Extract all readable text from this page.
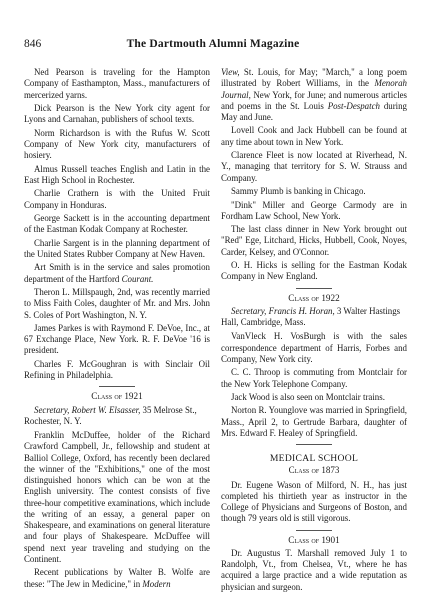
846	The Dartmouth Alumni Magazine

Ned Pearson is traveling for the Hampton Company of Easthampton, Mass., manufacturers of mercerized yarns.

Dick Pearson is the New York city agent for Lyons and Carnahan, publishers of school texts.

Norm Richardson is with the Rufus W. Scott Company of New York city, manufacturers of hosiery.

Almus Russell teaches English and Latin in the East High School in Rochester.

Charlie Crathern is with the United Fruit Company in Honduras.

George Sackett is in the accounting department of the Eastman Kodak Company at Rochester.

Charlie Sargent is in the planning department of the United States Rubber Company at New Haven.

Art Smith is in the service and sales promotion department of the Hartford Courant.

Theron L. Millspaugh, 2nd, was recently married to Miss Faith Coles, daughter of Mr. and Mrs. John S. Coles of Port Washington, N. Y.

James Parkes is with Raymond F. DeVoe, Inc., at 67 Exchange Place, New York. R. F. DeVoe '16 is president.

Charles F. McGoughran is with Sinclair Oil Refining in Philadelphia.

Class of 1921

Secretary, Robert W. Elsasser, 35 Melrose St., Rochester, N. Y.

Franklin McDuffee, holder of the Richard Crawford Campbell, Jr., fellowship and student at Balliol College, Oxford, has recently been declared the winner of the "Exhibitions," one of the most distinguished honors which can be won at the English university. The contest consists of five three-hour competitive examinations, which include the writing of an essay, a general paper on Shakespeare, and examinations on general literature and four plays of Shakespeare. McDuffee will spend next year traveling and studying on the Continent.

Recent publications by Walter B. Wolfe are these: "The Jew in Medicine," in Modern

View, St. Louis, for May; "March," a long poem illustrated by Robert Williams, in the Menorah Journal, New York, for June; and numerous articles and poems in the St. Louis Post-Despatch during May and June.

Lovell Cook and Jack Hubbell can be found at any time about town in New York.

Clarence Fleet is now located at Riverhead, N. Y., managing that territory for S. W. Strauss and Company.

Sammy Plumb is banking in Chicago.

"Dink" Miller and George Carmody are in Fordham Law School, New York.

The last class dinner in New York brought out "Red" Ege, Litchard, Hicks, Hubbell, Cook, Noyes, Carder, Kelsey, and O'Connor.

O. H. Hicks is selling for the Eastman Kodak Company in New England.

Class of 1922

Secretary, Francis H. Horan, 3 Walter Hastings Hall, Cambridge, Mass.

VanVleck H. VosBurgh is with the sales correspondence department of Harris, Forbes and Company, New York city.

C. C. Throop is commuting from Montclair for the New York Telephone Company.

Jack Wood is also seen on Montclair trains.

Norton R. Younglove was married in Springfield, Mass., April 2, to Gertrude Barbara, daughter of Mrs. Edward F. Healey of Springfield.

MEDICAL SCHOOL
Class of 1873

Dr. Eugene Wason of Milford, N. H., has just completed his thirtieth year as instructor in the College of Physicians and Surgeons of Boston, and though 79 years old is still vigorous.

Class of 1901

Dr. Augustus T. Marshall removed July 1 to Randolph, Vt., from Chelsea, Vt., where he has acquired a large practice and a wide reputation as physician and surgeon.
